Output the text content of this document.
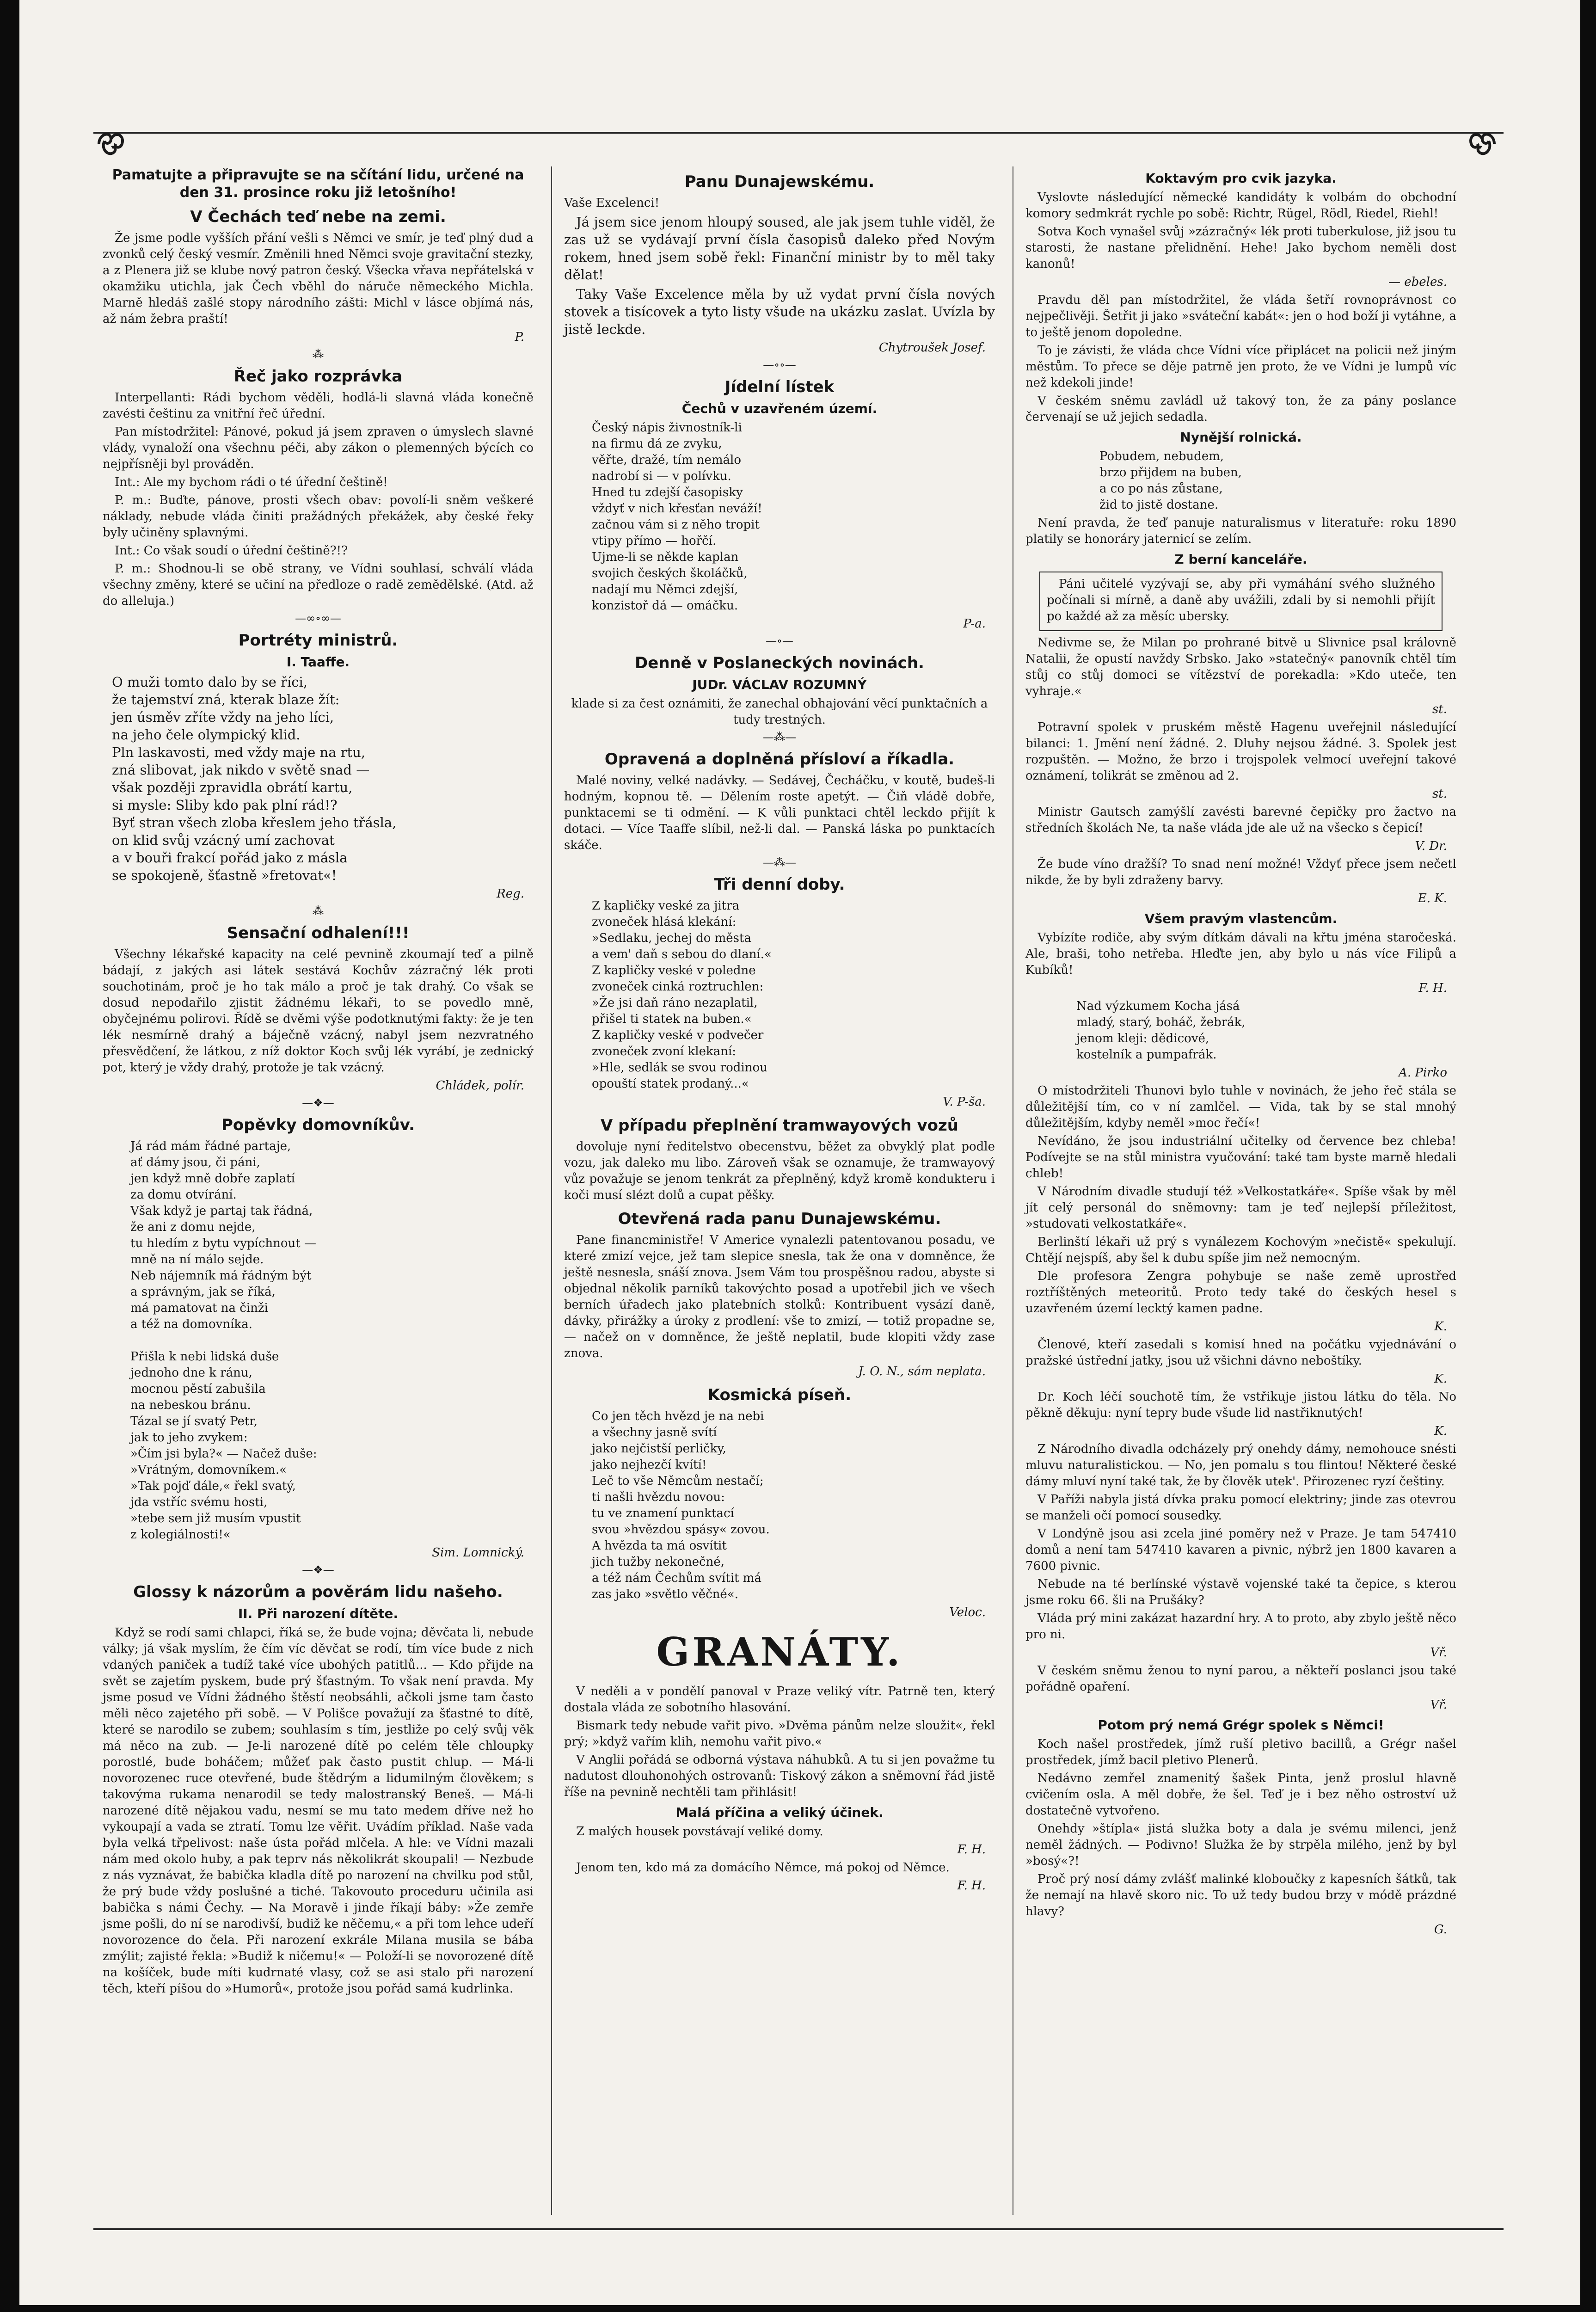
Pamatujte a připravujte se na sčítání lidu, určené na den 31. prosince roku již letošního!
V Čechách teď nebe na zemi.

Že jsme podle vyšších přání vešli s Němci ve smír, je teď plný dud a zvonků celý český vesmír. Změnili hned Němci svoje gravitační stezky, a z Plenera již se klube nový patron český. Všecka vřava nepřátelská v okamžiku utichla, jak Čech vběhl do náruče německého Michla. Marně hledáš zašlé stopy národního zášti: Michl v lásce objímá nás, až nám žebra praští!

P.
⁂
Řeč jako rozprávka

Interpellanti: Rádi bychom věděli, hodlá-li slavná vláda konečně zavésti češtinu za vnitřní řeč úřední.

Pan místodržitel: Pánové, pokud já jsem zpraven o úmyslech slavné vlády, vynaloží ona všechnu péči, aby zákon o plemenných býcích co nejpřísněji byl prováděn.

Int.: Ale my bychom rádi o té úřední češtině!

P. m.: Buďte, pánove, prosti všech obav: povolí-li sněm veškeré náklady, nebude vláda činiti pražádných překážek, aby české řeky byly učiněny splavnými.

Int.: Co však soudí o úřední češtině?!?

P. m.: Shodnou-li se obě strany, ve Vídni souhlasí, schválí vláda všechny změny, které se učiní na předloze o radě zemědělské. (Atd. až do alleluja.)

—∞∘∞—
Portréty ministrů.
I. Taaffe.
O muži tomto dalo by se říci,
že tajemství zná, kterak blaze žít:
jen úsměv zříte vždy na jeho líci,
na jeho čele olympický klid.
Pln laskavosti, med vždy maje na rtu,
zná slibovat, jak nikdo v světě snad —
však později zpravidla obrátí kartu,
si mysle: Sliby kdo pak plní rád!?
Byť stran všech zloba křeslem jeho třásla,
on klid svůj vzácný umí zachovat
a v bouři frakcí pořád jako z másla
se spokojeně, šťastně »fretovat«!
Reg.
⁂
Sensační odhalení!!!

Všechny lékařské kapacity na celé pevnině zkoumají teď a pilně bádají, z jakých asi látek sestává Kochův zázračný lék proti souchotinám, proč je ho tak málo a proč je tak drahý. Co však se dosud nepodařilo zjistit žádnému lékaři, to se povedlo mně, obyčejnému polirovi. Řídě se dvěmi výše podotknutými fakty: že je ten lék nesmírně drahý a báječně vzácný, nabyl jsem nezvratného přesvědčení, že látkou, z níž doktor Koch svůj lék vyrábí, je zednický pot, který je vždy drahý, protože je tak vzácný.

Chládek, polír.
—❖—
Popěvky domovníkův.
Já rád mám řádné partaje,
ať dámy jsou, či páni,
jen když mně dobře zaplatí
za domu otvírání.
Však když je partaj tak řádná,
že ani z domu nejde,
tu hledím z bytu vypíchnout —
mně na ní málo sejde.
Neb nájemník má řádným být
a správným, jak se říká,
má pamatovat na činži
a též na domovníka.

Přišla k nebi lidská duše
jednoho dne k ránu,
mocnou pěstí zabušila
na nebeskou bránu.
Tázal se jí svatý Petr,
jak to jeho zvykem:
»Čím jsi byla?« — Načež duše:
»Vrátným, domovníkem.«
»Tak pojď dále,« řekl svatý,
jda vstříc svému hosti,
»tebe sem již musím vpustit
z kolegiálnosti!«
Sim. Lomnický.
—❖—
Glossy k názorům a pověrám lidu našeho.
II. Při narození dítěte.

Když se rodí sami chlapci, říká se, že bude vojna; děvčata li, nebude války; já však myslím, že čím víc děvčat se rodí, tím více bude z nich vdaných paniček a tudíž také více ubohých patitlů... — Kdo přijde na svět se zajetím pyskem, bude prý šťastným. To však není pravda. My jsme posud ve Vídni žádného štěstí neobsáhli, ačkoli jsme tam často měli něco zajetého při sobě. — V Polišce považují za šťastné to dítě, které se narodilo se zubem; souhlasím s tím, jestliže po celý svůj věk má něco na zub. — Je-li narozené dítě po celém těle chloupky porostlé, bude boháčem; můžeť pak často pustit chlup. — Má-li novorozenec ruce otevřené, bude štědrým a lidumilným člověkem; s takovýma rukama nenarodil se tedy malostranský Beneš. — Má-li narozené dítě nějakou vadu, nesmí se mu tato medem dříve než ho vykoupají a vada se ztratí. Tomu lze věřit. Uvádím příklad. Naše vada byla velká třpelivost: naše ústa pořád mlčela. A hle: ve Vídni mazali nám med okolo huby, a pak teprv nás několikrát skoupali! — Nezbude z nás vyznávat, že babička kladla dítě po narození na chvilku pod stůl, že prý bude vždy poslušné a tiché. Takovouto proceduru učinila asi babička s námi Čechy. — Na Moravě i jinde říkají báby: »Že zemře jsme pošli, do ní se narodivší, budiž ke něčemu,« a při tom lehce udeří novorozence do čela. Při narození exkrále Milana musila se bába zmýlit; zajisté řekla: »Budiž k ničemu!« — Položí-li se novorozené dítě na košíček, bude míti kudrnaté vlasy, což se asi stalo při narození těch, kteří píšou do »Humorů«, protože jsou pořád samá kudrlinka.

Panu Dunajewskému.

Vaše Excelenci!

Já jsem sice jenom hloupý soused, ale jak jsem tuhle viděl, že zas už se vydávají první čísla časopisů daleko před Novým rokem, hned jsem sobě řekl: Finanční ministr by to měl taky dělat!

Taky Vaše Excelence měla by už vydat první čísla nových stovek a tisícovek a tyto listy všude na ukázku zaslat. Uvízla by jistě leckde.

Chytroušek Josef.
—∘∘—
Jídelní lístek
Čechů v uzavřeném území.
Český nápis živnostník-li
na firmu dá ze zvyku,
věřte, dražé, tím nemálo
nadrobí si — v polívku.
Hned tu zdejší časopisky
vždyť v nich křesťan neváží!
začnou vám si z něho tropit
vtipy přímo — hořčí.
Ujme-li se někde kaplan
svojich českých školáčků,
nadají mu Němci zdejší,
konzistoř dá — omáčku.
P-a.
—∘—
Denně v Poslaneckých novinách.
JUDr. VÁCLAV ROZUMNÝ

klade si za čest oznámiti, že zanechal obhajování věcí punktačních a tudy trestných.

—⁂—
Opravená a doplněná přísloví a říkadla.

Malé noviny, velké nadávky. — Sedávej, Čecháčku, v koutě, budeš-li hodným, kopnou tě. — Dělením roste apetýt. — Čiň vládě dobře, punktacemi se ti odmění. — K vůli punktaci chtěl leckdo přijít k dotaci. — Více Taaffe slíbil, než-li dal. — Panská láska po punktacích skáče.

—⁂—
Tři denní doby.
Z kapličky veské za jitra
zvoneček hlásá klekání:
»Sedlaku, jechej do města
a vem' daň s sebou do dlaní.«
Z kapličky veské v poledne
zvoneček cinká roztruchlen:
»Že jsi daň ráno nezaplatil,
přišel ti statek na buben.«
Z kapličky veské v podvečer
zvoneček zvoní klekaní:
»Hle, sedlák se svou rodinou
opouští statek prodaný...«
V. P-ša.
V případu přeplnění tramwayových vozů

dovoluje nyní ředitelstvo obecenstvu, běžet za obvyklý plat podle vozu, jak daleko mu libo. Zároveň však se oznamuje, že tramwayový vůz považuje se jenom tenkrát za přeplněný, když kromě kondukteru i koči musí slézt dolů a cupat pěšky.

Otevřená rada panu Dunajewskému.

Pane financministře! V Americe vynalezli patentovanou posadu, ve které zmizí vejce, jež tam slepice snesla, tak že ona v domněnce, že ještě nesnesla, snáší znova. Jsem Vám tou prospěšnou radou, abyste si objednal několik parníků takovýchto posad a upotřebil jich ve všech berních úřadech jako platebních stolků: Kontribuent vysází daně, dávky, přirážky a úroky z prodlení: vše to zmizí, — totiž propadne se, — načež on v domněnce, že ještě neplatil, bude klopiti vždy zase znova.

J. O. N., sám neplata.
Kosmická píseň.
Co jen těch hvězd je na nebi
a všechny jasně svítí
jako nejčistší perličky,
jako nejhezčí kvítí!
Leč to vše Němcům nestačí;
ti našli hvězdu novou:
tu ve znamení punktací
svou »hvězdou spásy« zovou.
A hvězda ta má osvítit
jich tužby nekonečné,
a též nám Čechům svítit má
zas jako »světlo věčné«.
Veloc.
GRANÁTY.

V neděli a v pondělí panoval v Praze veliký vítr. Patrně ten, který dostala vláda ze sobotního hlasování.

Bismark tedy nebude vařit pivo. »Dvěma pánům nelze sloužit«, řekl prý; »když vařím klih, nemohu vařit pivo.«

V Anglii pořádá se odborná výstava náhubků. A tu si jen považme tu nadutost dlouhonohých ostrovanů: Tiskový zákon a sněmovní řád jistě říše na pevnině nechtěli tam přihlásit!

Malá příčina a veliký účinek.

Z malých housek povstávají veliké domy.

F. H.

Jenom ten, kdo má za domácího Němce, má pokoj od Němce.

F. H.
Koktavým pro cvik jazyka.

Vyslovte následující německé kandidáty k volbám do obchodní komory sedmkrát rychle po sobě: Richtr, Rügel, Rödl, Riedel, Riehl!

Sotva Koch vynašel svůj »zázračný« lék proti tuberkulose, již jsou tu starosti, že nastane přelidnění. Hehe! Jako bychom neměli dost kanonů!

— ebeles.

Pravdu děl pan místodržitel, že vláda šetří rovnoprávnost co nejpečlivěji. Šetřit ji jako »sváteční kabát«: jen o hod boží ji vytáhne, a to ještě jenom dopoledne.

To je závisti, že vláda chce Vídni více připlácet na policii než jiným městům. To přece se děje patrně jen proto, že ve Vídni je lumpů víc než kdekoli jinde!

V českém sněmu zavládl už takový ton, že za pány poslance červenají se už jejich sedadla.

Nynější rolnická.
Pobudem, nebudem,
brzo přijdem na buben,
a co po nás zůstane,
žid to jistě dostane.

Není pravda, že teď panuje naturalismus v literatuře: roku 1890 platily se honoráry jaternicí se zelím.

Z berní kanceláře.

Páni učitelé vyzývají se, aby při vymáhání svého služného počínali si mírně, a daně aby uvážili, zdali by si nemohli přijít po každé až za měsíc ubersky.

Nedivme se, že Milan po prohrané bitvě u Slivnice psal královně Natalii, že opustí navždy Srbsko. Jako »statečný« panovník chtěl tím stůj co stůj domoci se vítězství de porekadla: »Kdo uteče, ten vyhraje.«

st.

Potravní spolek v pruském městě Hagenu uveřejnil následující bilanci: 1. Jmění není žádné. 2. Dluhy nejsou žádné. 3. Spolek jest rozpuštěn. — Možno, že brzo i trojspolek velmocí uveřejní takové oznámení, tolikrát se změnou ad 2.

st.

Ministr Gautsch zamýšlí zavésti barevné čepičky pro žactvo na středních školách Ne, ta naše vláda jde ale už na všecko s čepicí!

V. Dr.

Že bude víno dražší? To snad není možné! Vždyť přece jsem nečetl nikde, že by byli zdraženy barvy.

E. K.
Všem pravým vlastencům.

Vybízíte rodiče, aby svým dítkám dávali na křtu jména staročeská. Ale, braši, toho netřeba. Hleďte jen, aby bylo u nás více Filipů a Kubíků!

F. H.
Nad výzkumem Kocha jásá
mladý, starý, boháč, žebrák,
jenom kleji: dědicové,
kostelník a pumpafrák.
A. Pirko

O místodržiteli Thunovi bylo tuhle v novinách, že jeho řeč stála se důležitější tím, co v ní zamlčel. — Vida, tak by se stal mnohý důležitějším, kdyby neměl »moc řečí«!

Nevídáno, že jsou industriální učitelky od července bez chleba! Podívejte se na stůl ministra vyučování: také tam byste marně hledali chleb!

V Národním divadle studují též »Velkostatkáře«. Spíše však by měl jít celý personál do sněmovny: tam je teď nejlepší příležitost, »studovati velkostatkáře«.

Berlinští lékaři už prý s vynálezem Kochovým »nečistě« spekulují. Chtějí nejspíš, aby šel k dubu spíše jim než nemocným.

Dle profesora Zengra pohybuje se naše země uprostřed roztříštěných meteoritů. Proto tedy také do českých hesel s uzavřeném území lecktý kamen padne.

K.

Členové, kteří zasedali s komisí hned na počátku vyjednávání o pražské ústřední jatky, jsou už všichni dávno neboštíky.

K.

Dr. Koch léčí souchotě tím, že vstřikuje jistou látku do těla. No pěkně děkuju: nyní tepry bude všude lid nastřiknutých!

K.

Z Národního divadla odcházely prý onehdy dámy, nemohouce snésti mluvu naturalistickou. — No, jen pomalu s tou flintou! Některé české dámy mluví nyní také tak, že by člověk utek'. Přirozenec ryzí češtiny.

V Paříži nabyla jistá dívka praku pomocí elektriny; jinde zas otevrou se manželi očí pomocí sousedky.

V Londýně jsou asi zcela jiné poměry než v Praze. Je tam 547410 domů a není tam 547410 kavaren a pivnic, nýbrž jen 1800 kavaren a 7600 pivnic.

Nebude na té berlínské výstavě vojenské také ta čepice, s kterou jsme roku 66. šli na Prušáky?

Vláda prý mini zakázat hazardní hry. A to proto, aby zbylo ještě něco pro ni.

Vř.

V českém sněmu ženou to nyní parou, a někteří poslanci jsou také pořádně opaření.

Vř.
Potom prý nemá Grégr spolek s Němci!

Koch našel prostředek, jímž ruší pletivo bacillů, a Grégr našel prostředek, jímž bacil pletivo Plenerů.

Nedávno zemřel znamenitý šašek Pinta, jenž proslul hlavně cvičením osla. A měl dobře, že šel. Teď je i bez něho ostroství už dostatečně vytvořeno.

Onehdy »štípla« jistá služka boty a dala je svému milenci, jenž neměl žádných. — Podivno! Služka že by strpěla milého, jenž by byl »bosý«?!

Proč prý nosí dámy zvlášť malinké kloboučky z kapesních šátků, tak že nemají na hlavě skoro nic. To už tedy budou brzy v módě prázdné hlavy?

G.
